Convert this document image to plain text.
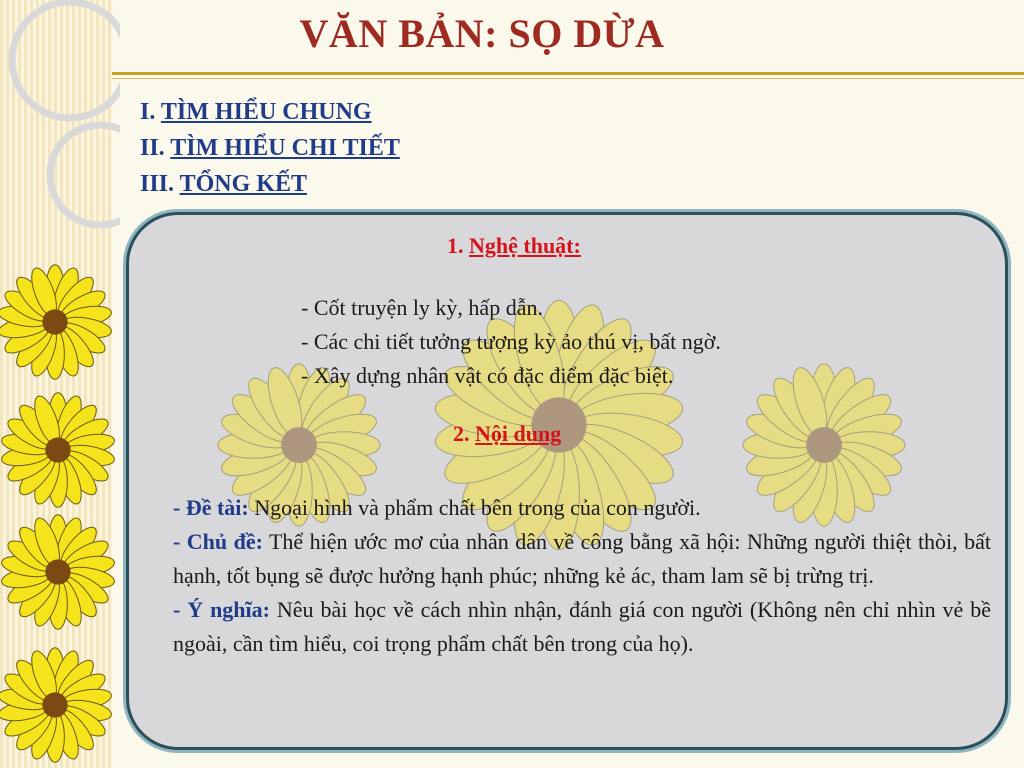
VĂN BẢN: SỌ DỪA
I. TÌM HIỂU CHUNG
II. TÌM HIỂU CHI TIẾT
III. TỔNG KẾT
1. Nghệ thuật:
- Cốt truyện ly kỳ, hấp dẫn.
- Các chi tiết tưởng tượng kỳ ảo thú vị, bất ngờ.
- Xây dựng nhân vật có đặc điểm đặc biệt.
2. Nội dung

- Đề tài: Ngoại hình và phẩm chất bên trong của con người.

- Chủ đề: Thể hiện ước mơ của nhân dân về công bằng xã hội: Những người thiệt thòi, bất hạnh, tốt bụng sẽ được hưởng hạnh phúc; những kẻ ác, tham lam sẽ bị trừng trị.

- Ý nghĩa: Nêu bài học về cách nhìn nhận, đánh giá con người (Không nên chỉ nhìn vẻ bề ngoài, cần tìm hiểu, coi trọng phẩm chất bên trong của họ).
